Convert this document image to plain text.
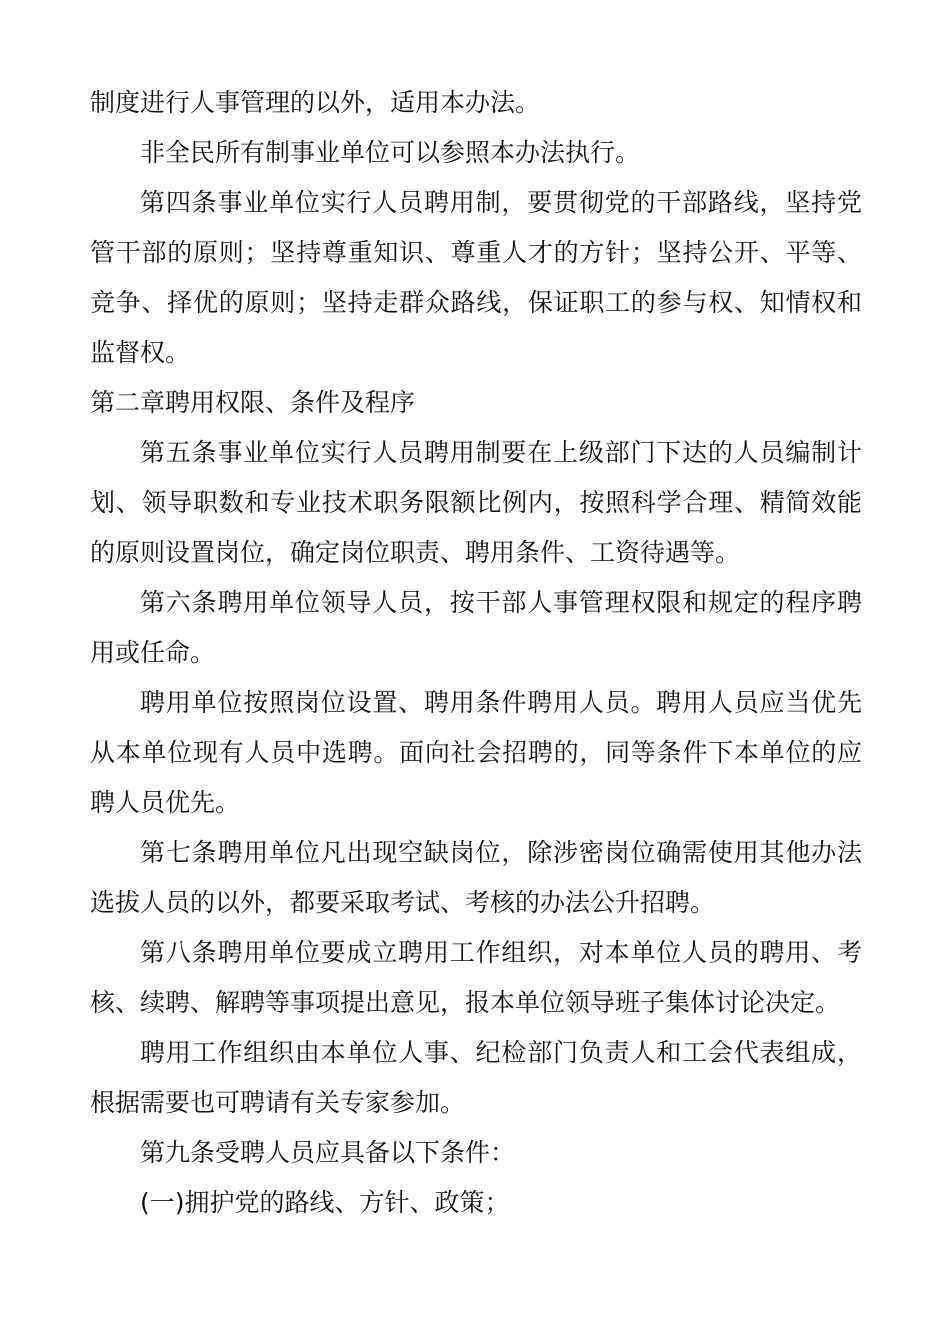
制度进行人事管理的以外，适用本办法。

非全民所有制事业单位可以参照本办法执行。

第四条事业单位实行人员聘用制，要贯彻党的干部路线，坚持党管干部的原则；坚持尊重知识、尊重人才的方针；坚持公开、平等、竞争、择优的原则；坚持走群众路线，保证职工的参与权、知情权和监督权。

第二章聘用权限、条件及程序

第五条事业单位实行人员聘用制要在上级部门下达的人员编制计划、领导职数和专业技术职务限额比例内，按照科学合理、精简效能的原则设置岗位，确定岗位职责、聘用条件、工资待遇等。

第六条聘用单位领导人员，按干部人事管理权限和规定的程序聘用或任命。

聘用单位按照岗位设置、聘用条件聘用人员。聘用人员应当优先从本单位现有人员中选聘。面向社会招聘的，同等条件下本单位的应聘人员优先。

第七条聘用单位凡出现空缺岗位，除涉密岗位确需使用其他办法选拔人员的以外，都要采取考试、考核的办法公升招聘。

第八条聘用单位要成立聘用工作组织，对本单位人员的聘用、考核、续聘、解聘等事项提出意见，报本单位领导班子集体讨论决定。

聘用工作组织由本单位人事、纪检部门负责人和工会代表组成，根据需要也可聘请有关专家参加。

第九条受聘人员应具备以下条件：

(一)拥护党的路线、方针、政策；
